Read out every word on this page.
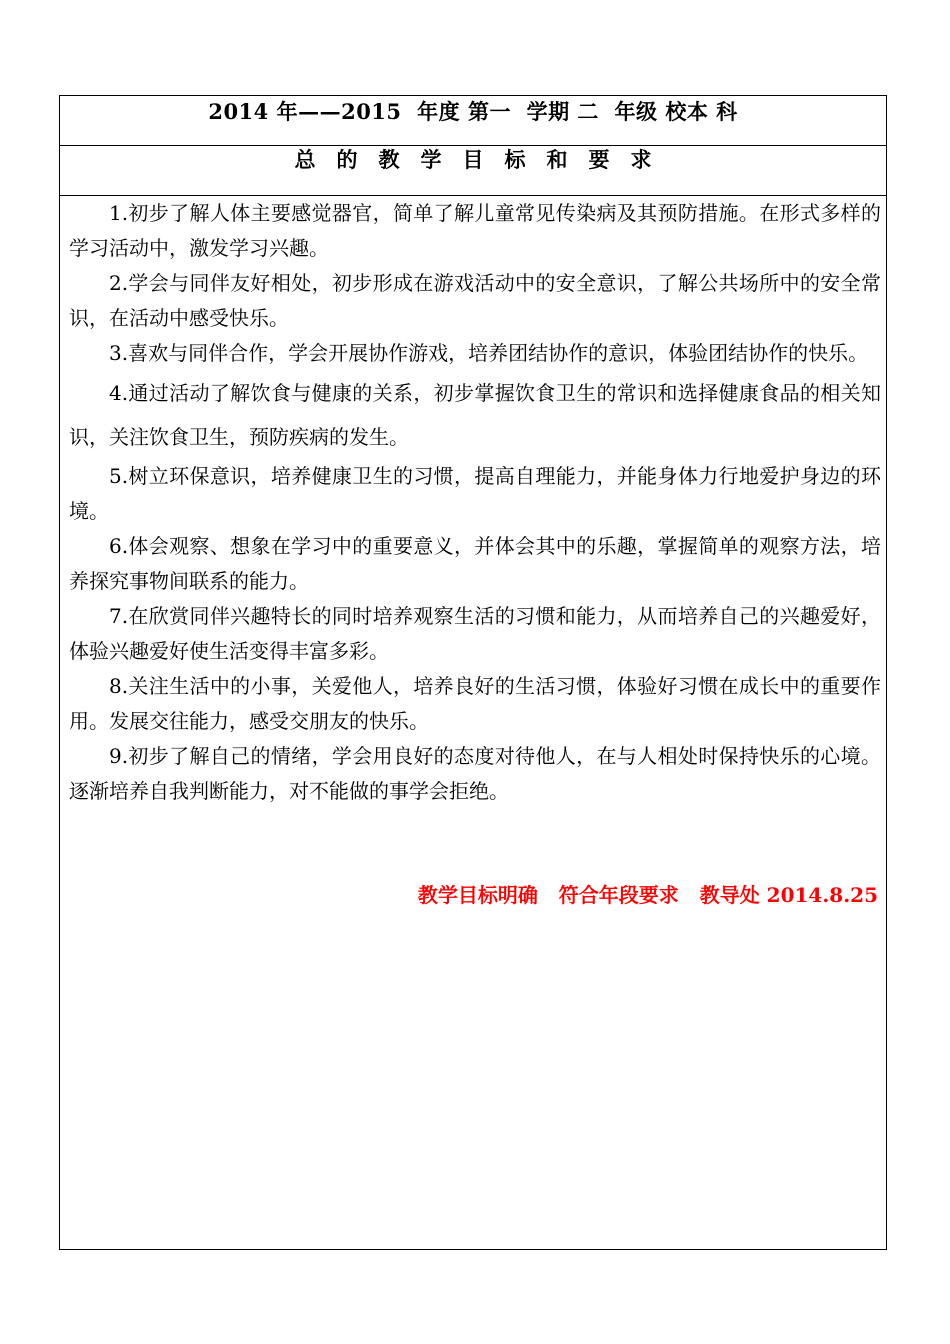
2014 年——2015  年度 第一  学期 二  年级 校本 科
总的教学目标和要求
1.初步了解人体主要感觉器官，简单了解儿童常见传染病及其预防措施。在形式多样的学习活动中，激发学习兴趣。
2.学会与同伴友好相处，初步形成在游戏活动中的安全意识，了解公共场所中的安全常识，在活动中感受快乐。
3.喜欢与同伴合作，学会开展协作游戏，培养团结协作的意识，体验团结协作的快乐。
4.通过活动了解饮食与健康的关系，初步掌握饮食卫生的常识和选择健康食品的相关知识，关注饮食卫生，预防疾病的发生。
5.树立环保意识，培养健康卫生的习惯，提高自理能力，并能身体力行地爱护身边的环境。
6.体会观察、想象在学习中的重要意义，并体会其中的乐趣，掌握简单的观察方法，培养探究事物间联系的能力。
7.在欣赏同伴兴趣特长的同时培养观察生活的习惯和能力，从而培养自己的兴趣爱好，体验兴趣爱好使生活变得丰富多彩。
8.关注生活中的小事，关爱他人，培养良好的生活习惯，体验好习惯在成长中的重要作用。发展交往能力，感受交朋友的快乐。
9.初步了解自己的情绪，学会用良好的态度对待他人，在与人相处时保持快乐的心境。逐渐培养自我判断能力，对不能做的事学会拒绝。
教学目标明确   符合年段要求   教导处 2014.8.25
